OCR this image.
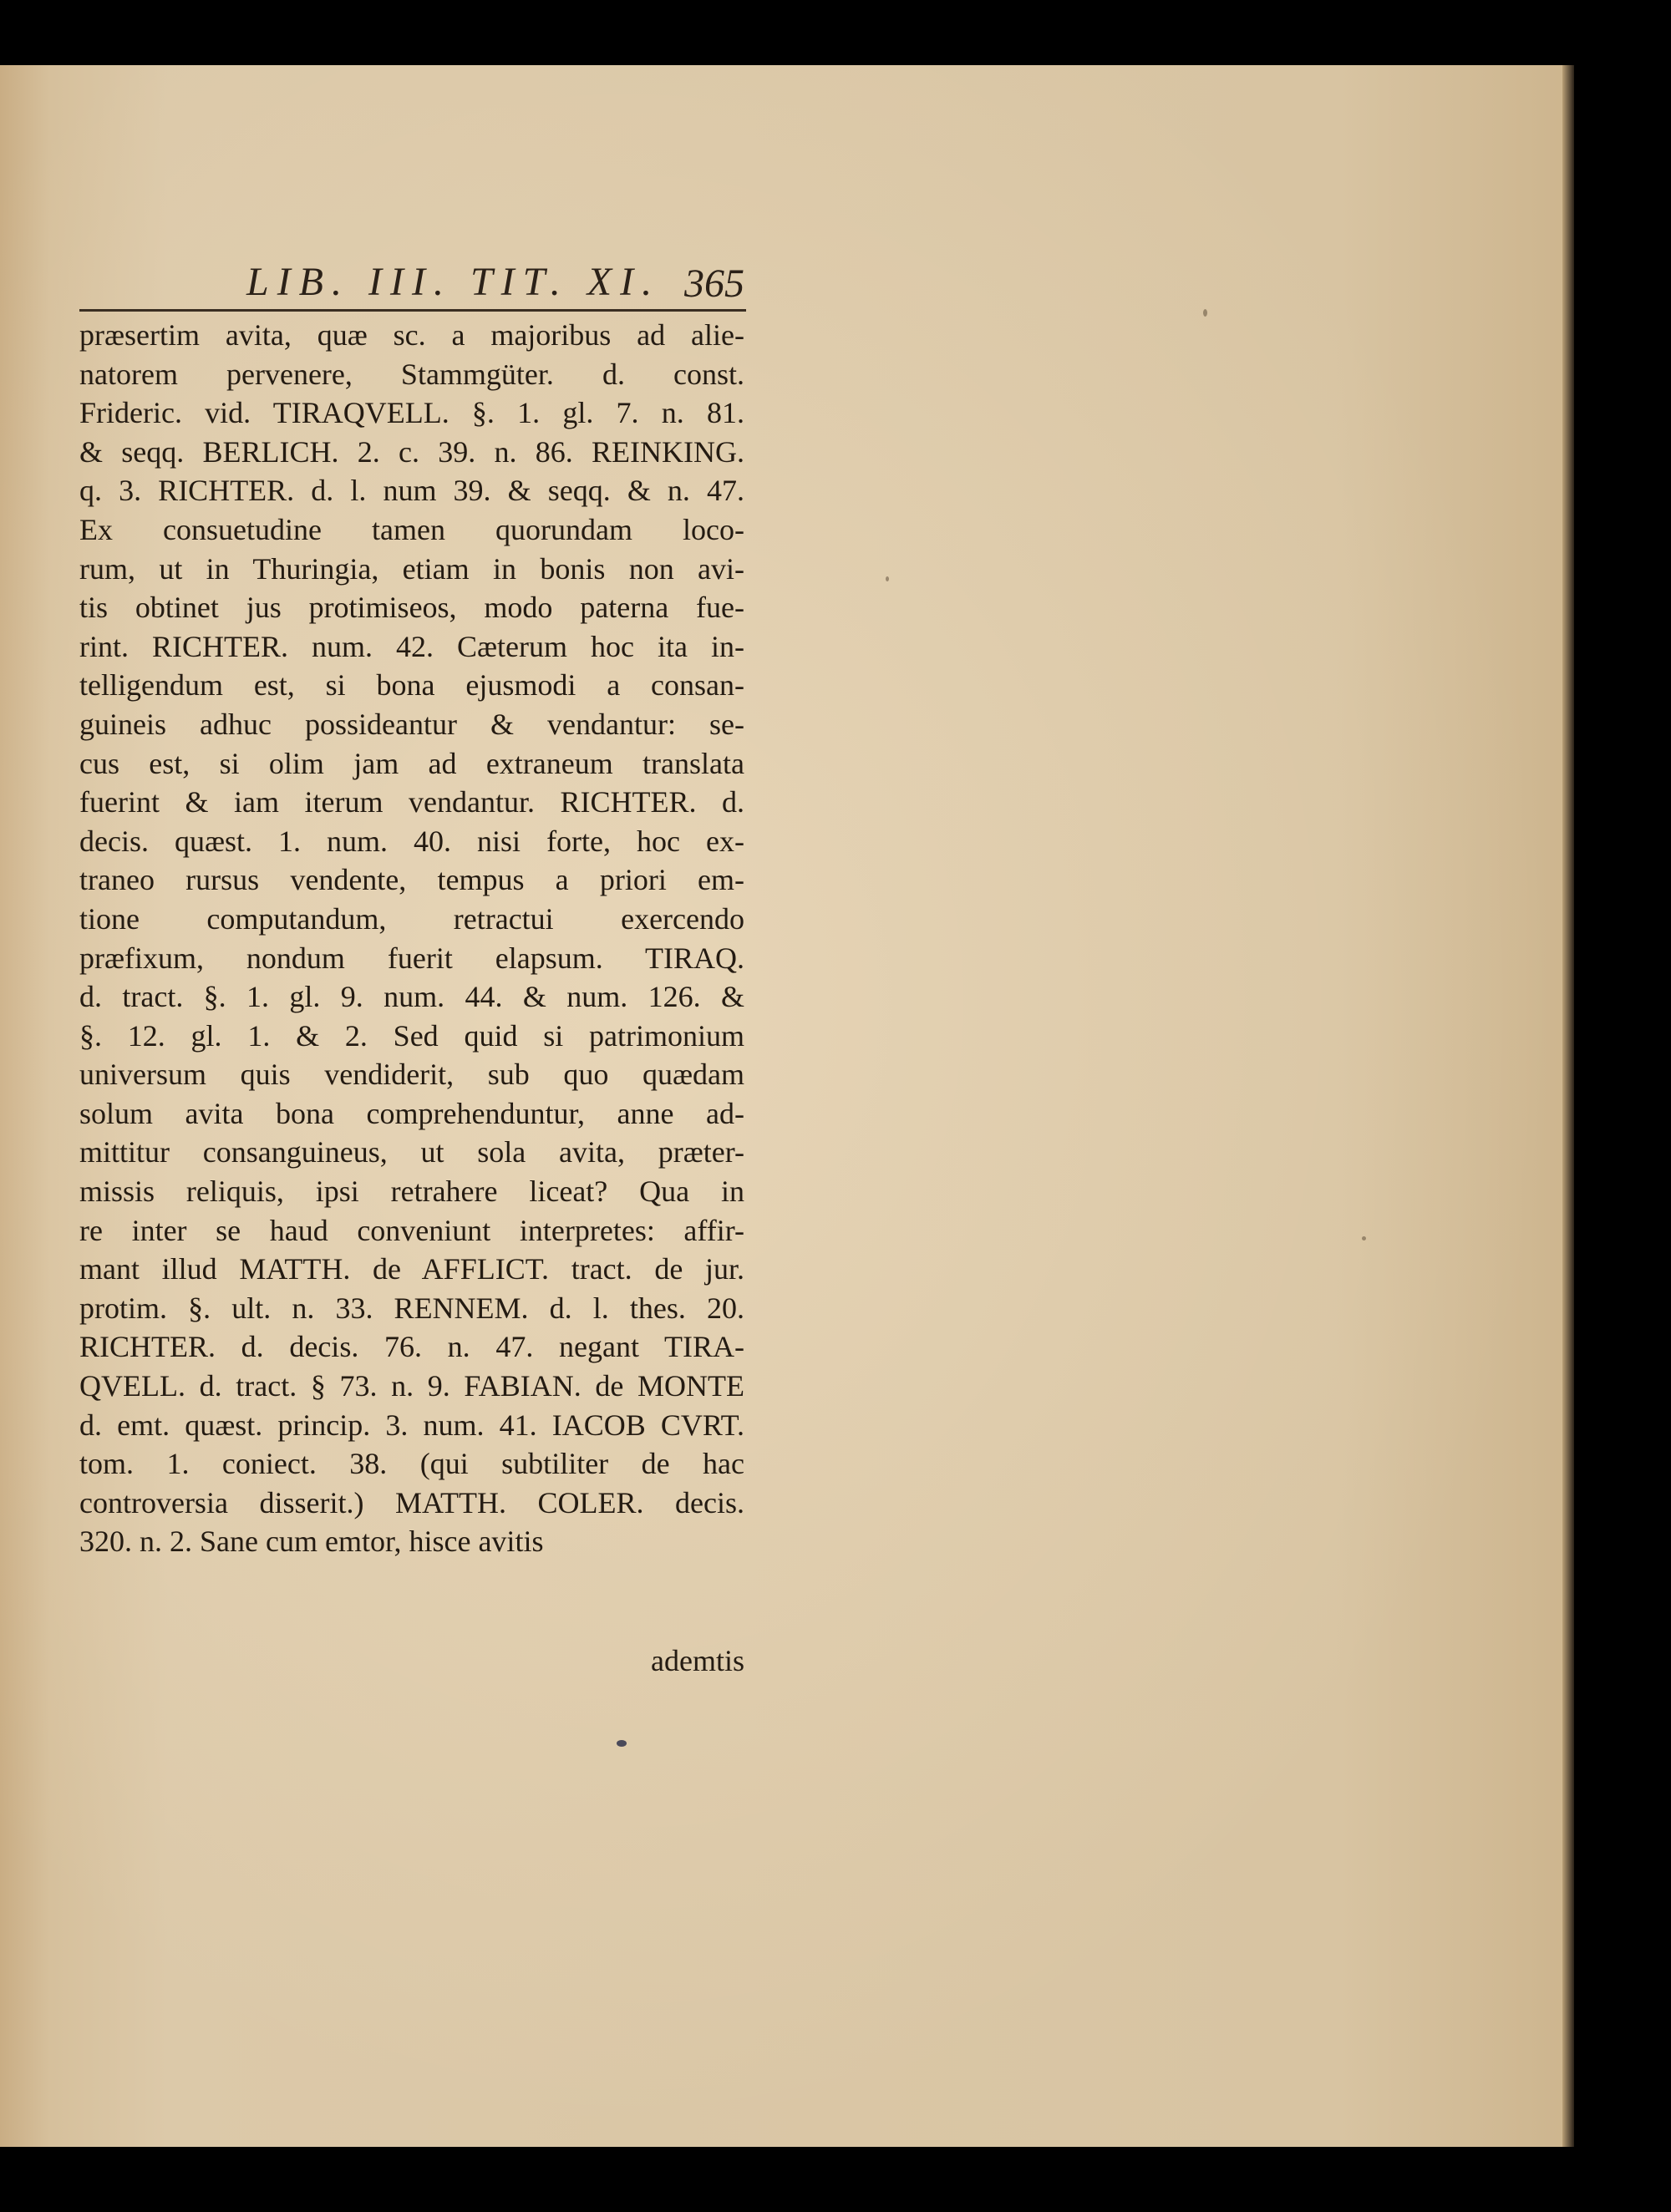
LIB. III. TIT. XI. 365
præsertim avita, quæ sc. a majoribus ad alie-
natorem pervenere, Stammgüter. d. const.
Frideric. vid. TIRAQVELL. §. 1. gl. 7. n. 81.
& seqq. BERLICH. 2. c. 39. n. 86. REINKING.
q. 3. RICHTER. d. l. num 39. & seqq. & n. 47.
Ex consuetudine tamen quorundam loco-
rum, ut in Thuringia, etiam in bonis non avi-
tis obtinet jus protimiseos, modo paterna fue-
rint. RICHTER. num. 42. Cæterum hoc ita in-
telligendum est, si bona ejusmodi a consan-
guineis adhuc possideantur & vendantur: se-
cus est, si olim jam ad extraneum translata
fuerint & iam iterum vendantur. RICHTER. d.
decis. quæst. 1. num. 40. nisi forte, hoc ex-
traneo rursus vendente, tempus a priori em-
tione computandum, retractui exercendo
præfixum, nondum fuerit elapsum. TIRAQ.
d. tract. §. 1. gl. 9. num. 44. & num. 126. &
§. 12. gl. 1. & 2. Sed quid si patrimonium
universum quis vendiderit, sub quo quædam
solum avita bona comprehenduntur, anne ad-
mittitur consanguineus, ut sola avita, præter-
missis reliquis, ipsi retrahere liceat? Qua in
re inter se haud conveniunt interpretes: affir-
mant illud MATTH. de AFFLICT. tract. de jur.
protim. §. ult. n. 33. RENNEM. d. l. thes. 20.
RICHTER. d. decis. 76. n. 47. negant TIRA-
QVELL. d. tract. § 73. n. 9. FABIAN. de MONTE
d. emt. quæst. princip. 3. num. 41. IACOB CVRT.
tom. 1. coniect. 38. (qui subtiliter de hac
controversia disserit.) MATTH. COLER. decis.
320. n. 2. Sane cum emtor, hisce avitis
ademtis
